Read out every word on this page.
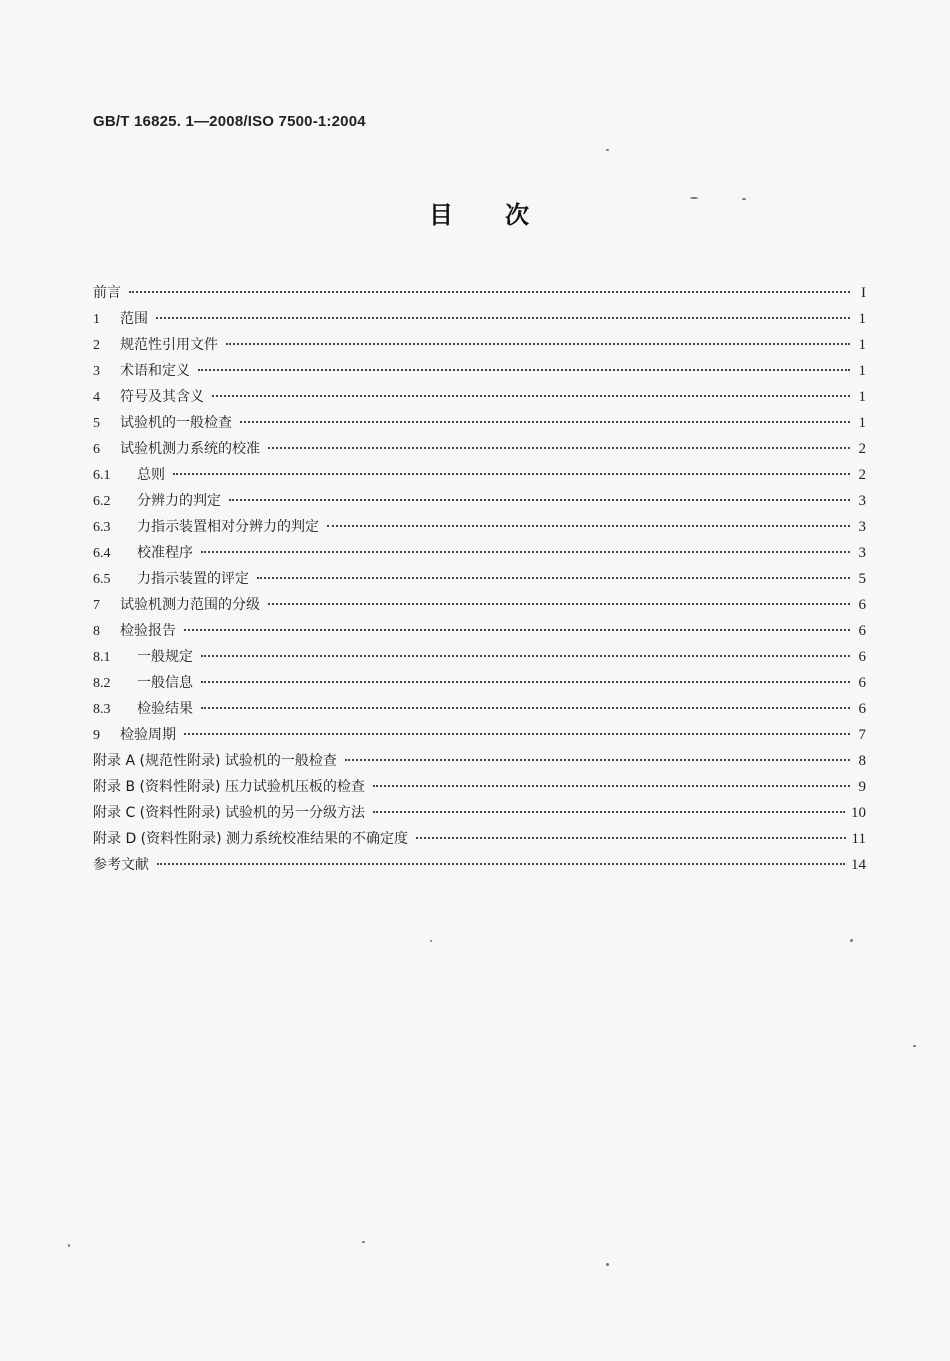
GB/T 16825. 1—2008/ISO 7500-1:2004
目次
前言	I
1	范围	1
2	规范性引用文件	1
3	术语和定义	1
4	符号及其含义	1
5	试验机的一般检查	1
6	试验机测力系统的校准	2
6.1	总则	2
6.2	分辨力的判定	3
6.3	力指示装置相对分辨力的判定	3
6.4	校准程序	3
6.5	力指示装置的评定	5
7	试验机测力范围的分级	6
8	检验报告	6
8.1	一般规定	6
8.2	一般信息	6
8.3	检验结果	6
9	检验周期	7
附录 A (规范性附录) 试验机的一般检查	8
附录 B (资料性附录) 压力试验机压板的检查	9
附录 C (资料性附录) 试验机的另一分级方法	10
附录 D (资料性附录) 测力系统校准结果的不确定度	11
参考文献	14
